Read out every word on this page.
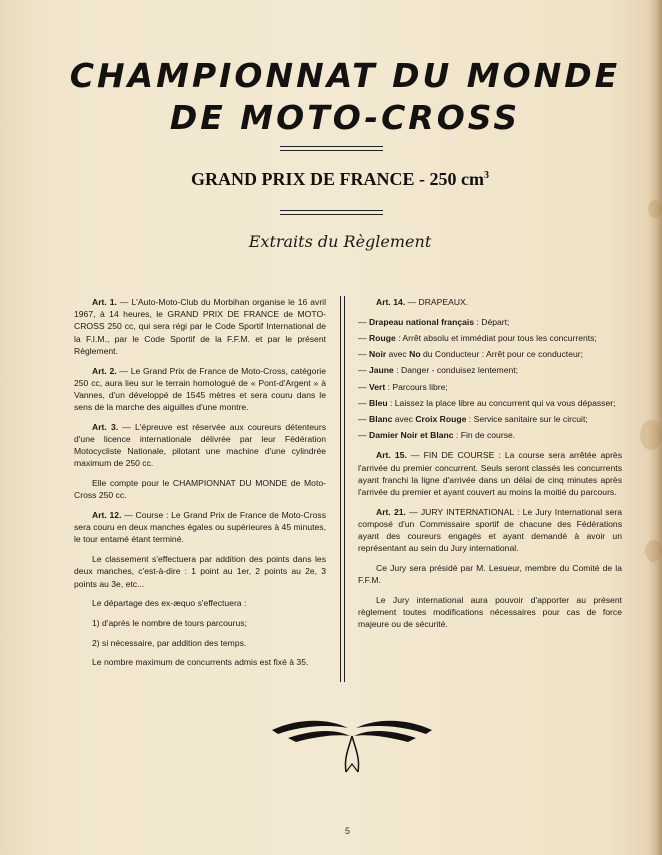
CHAMPIONNAT DU MONDE
DE MOTO-CROSS
GRAND PRIX DE FRANCE - 250 $cm^3$
Extraits du Règlement

Art. 1. — L'Auto-Moto-Club du Morbihan organise le 16 avril 1967, à 14 heures, le GRAND PRIX DE FRANCE de MOTO-CROSS 250 cc, qui sera régi par le Code Sportif International de la F.I.M., par le Code Sportif de la F.F.M. et par le présent Règlement.

Art. 2. — Le Grand Prix de France de Moto-Cross, catégorie 250 cc, aura lieu sur le terrain homologué de « Pont-d'Argent » à Vannes, d'un développé de 1545 mètres et sera couru dans le sens de la marche des aiguilles d'une montre.

Art. 3. — L'épreuve est réservée aux coureurs détenteurs d'une licence internationale délivrée par leur Fédération Motocycliste Nationale, pilotant une machine d'une cylindrée maximum de 250 cc.

Elle compte pour le CHAMPIONNAT DU MONDE de Moto-Cross 250 cc.

Art. 12. — Course : Le Grand Prix de France de Moto-Cross sera couru en deux manches égales ou supérieures à 45 minutes, le tour entamé étant terminé.

Le classement s'effectuera par addition des points dans les deux manches, c'est-à-dire : 1 point au 1er, 2 points au 2e, 3 points au 3e, etc...

Le départage des ex-æquo s'effectuera :

1) d'après le nombre de tours parcourus;

2) si nécessaire, par addition des temps.

Le nombre maximum de concurrents admis est fixé à 35.

Art. 14. — DRAPEAUX.

— Drapeau national français : Départ;
— Rouge : Arrêt absolu et immédiat pour tous les concurrents;
— Noir avec No du Conducteur : Arrêt pour ce conducteur;
— Jaune : Danger - conduisez lentement;
— Vert : Parcours libre;
— Bleu : Laissez la place libre au concurrent qui va vous dépasser;
— Blanc avec Croix Rouge : Service sanitaire sur le circuit;
— Damier Noir et Blanc : Fin de course.

Art. 15. — FIN DE COURSE : La course sera arrêtée après l'arrivée du premier concurrent. Seuls seront classés les concurrents ayant franchi la ligne d'arrivée dans un délai de cinq minutes après l'arrivée du premier et ayant couvert au moins la moitié du parcours.

Art. 21. — JURY INTERNATIONAL : Le Jury International sera composé d'un Commissaire sportif de chacune des Fédérations ayant des coureurs engagés et ayant demandé à avoir un représentant au sein du Jury international.

Ce Jury sera présidé par M. Lesueur, membre du Comité de la F.F.M.

Le Jury international aura pouvoir d'apporter au présent règlement toutes modifications nécessaires pour cas de force majeure ou de sécurité.

5
